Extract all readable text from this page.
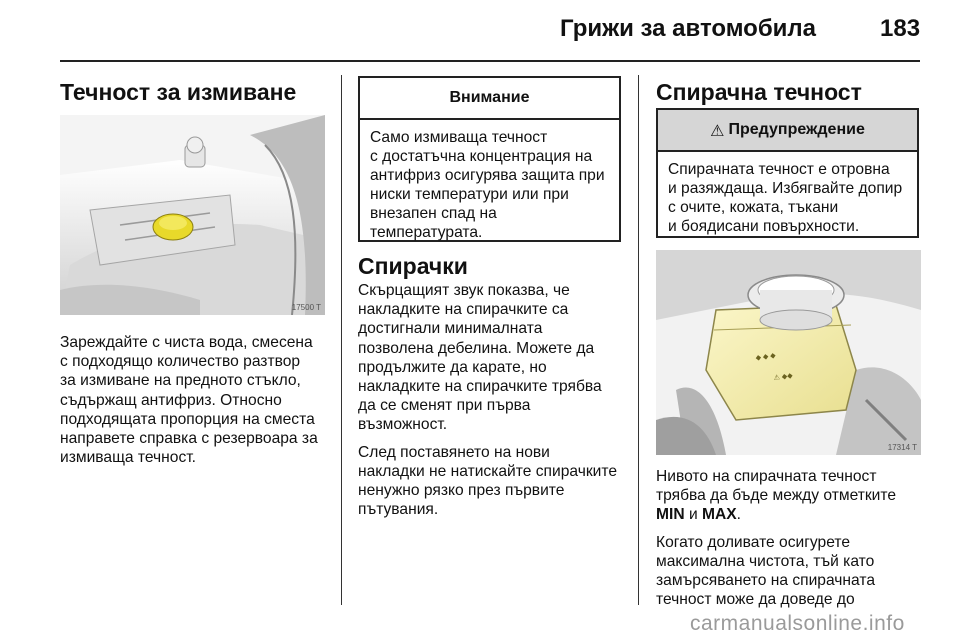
Грижи за автомобила	183
Течност за измиване
17500 T

Зареждайте с чиста вода, смесена

с подходящо количество разтвор

за измиване на предното стъкло,

съдържащ антифриз. Относно

подходящата пропорция на сместа

направете справка с резервоара за

измиваща течност.

Внимание
Само измиваща течност
с достатъчна концентрация на
антифриз осигурява защита при
ниски температури или при
внезапен спад на
температурата.
Спирачки

Скърцащият звук показва, че

накладките на спирачките са

достигнали минималната

позволена дебелина. Можете да

продължите да карате, но

накладките на спирачките трябва

да се сменят при първа

възможност.

След поставянето на нови

накладки не натискайте спирачките

ненужно рязко през първите

пътувания.

Спирачна течност
⚠ Предупреждение
Спирачната течност е отровна
и разяждаща. Избягвайте допир
с очите, кожата, тъкани
и боядисани повърхности.
◆ ◆ ◆
⚠ ◆◆
17314 T

Нивото на спирачната течност

трябва да бъде между отметките

MIN и MAX.

Когато доливате осигурете

максимална чистота, тъй като

замърсяването на спирачната

течност може да доведе до

carmanualsonline.info
